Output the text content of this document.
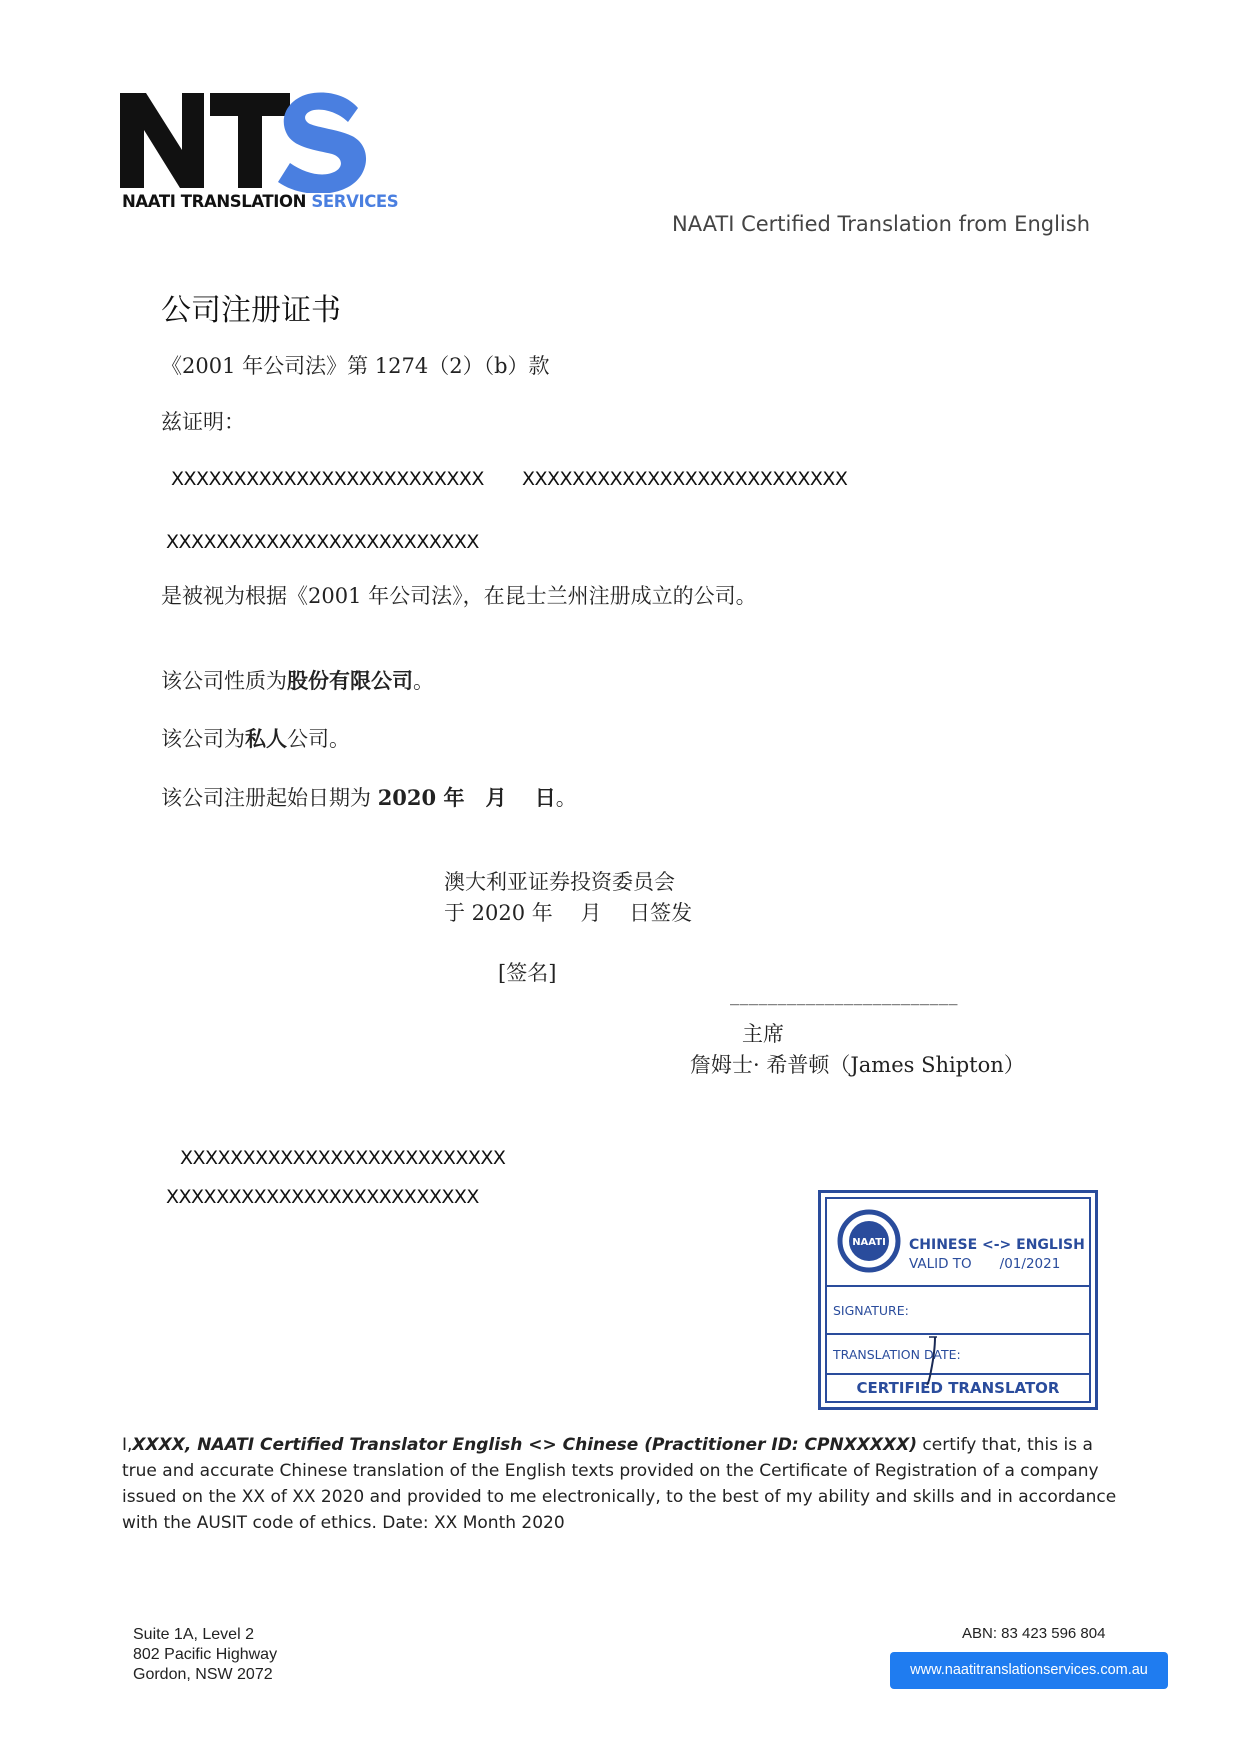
NAATI TRANSLATION SERVICES
NAATI Certified Translation from English
公司注册证书
《2001 年公司法》第 1274（2）（b）款
兹证明：
XXXXXXXXXXXXXXXXXXXXXXXXX XXXXXXXXXXXXXXXXXXXXXXXXXX
XXXXXXXXXXXXXXXXXXXXXXXXX
是被视为根据《2001 年公司法》，在昆士兰州注册成立的公司。
该公司性质为股份有限公司。
该公司为私人公司。
该公司注册起始日期为 2020 年　月　 日。
澳大利亚证券投资委员会
于 2020 年　 月　 日签发
[签名]
________________________
主席
詹姆士· 希普顿（James Shipton）
XXXXXXXXXXXXXXXXXXXXXXXXXX
XXXXXXXXXXXXXXXXXXXXXXXXX
NAATI CHINESE <-> ENGLISH
VALID TO /01/2021
SIGNATURE:
TRANSLATION DATE:
CERTIFIED TRANSLATOR
I,XXXX, NAATI Certified Translator English <> Chinese (Practitioner ID: CPNXXXXX) certify that, this is a true and accurate Chinese translation of the English texts provided on the Certificate of Registration of a company issued on the XX of XX 2020 and provided to me electronically, to the best of my ability and skills and in accordance with the AUSIT code of ethics. Date: XX Month 2020
Suite 1A, Level 2
802 Pacific Highway
Gordon, NSW 2072
ABN: 83 423 596 804
www.naatitranslationservices.com.au
